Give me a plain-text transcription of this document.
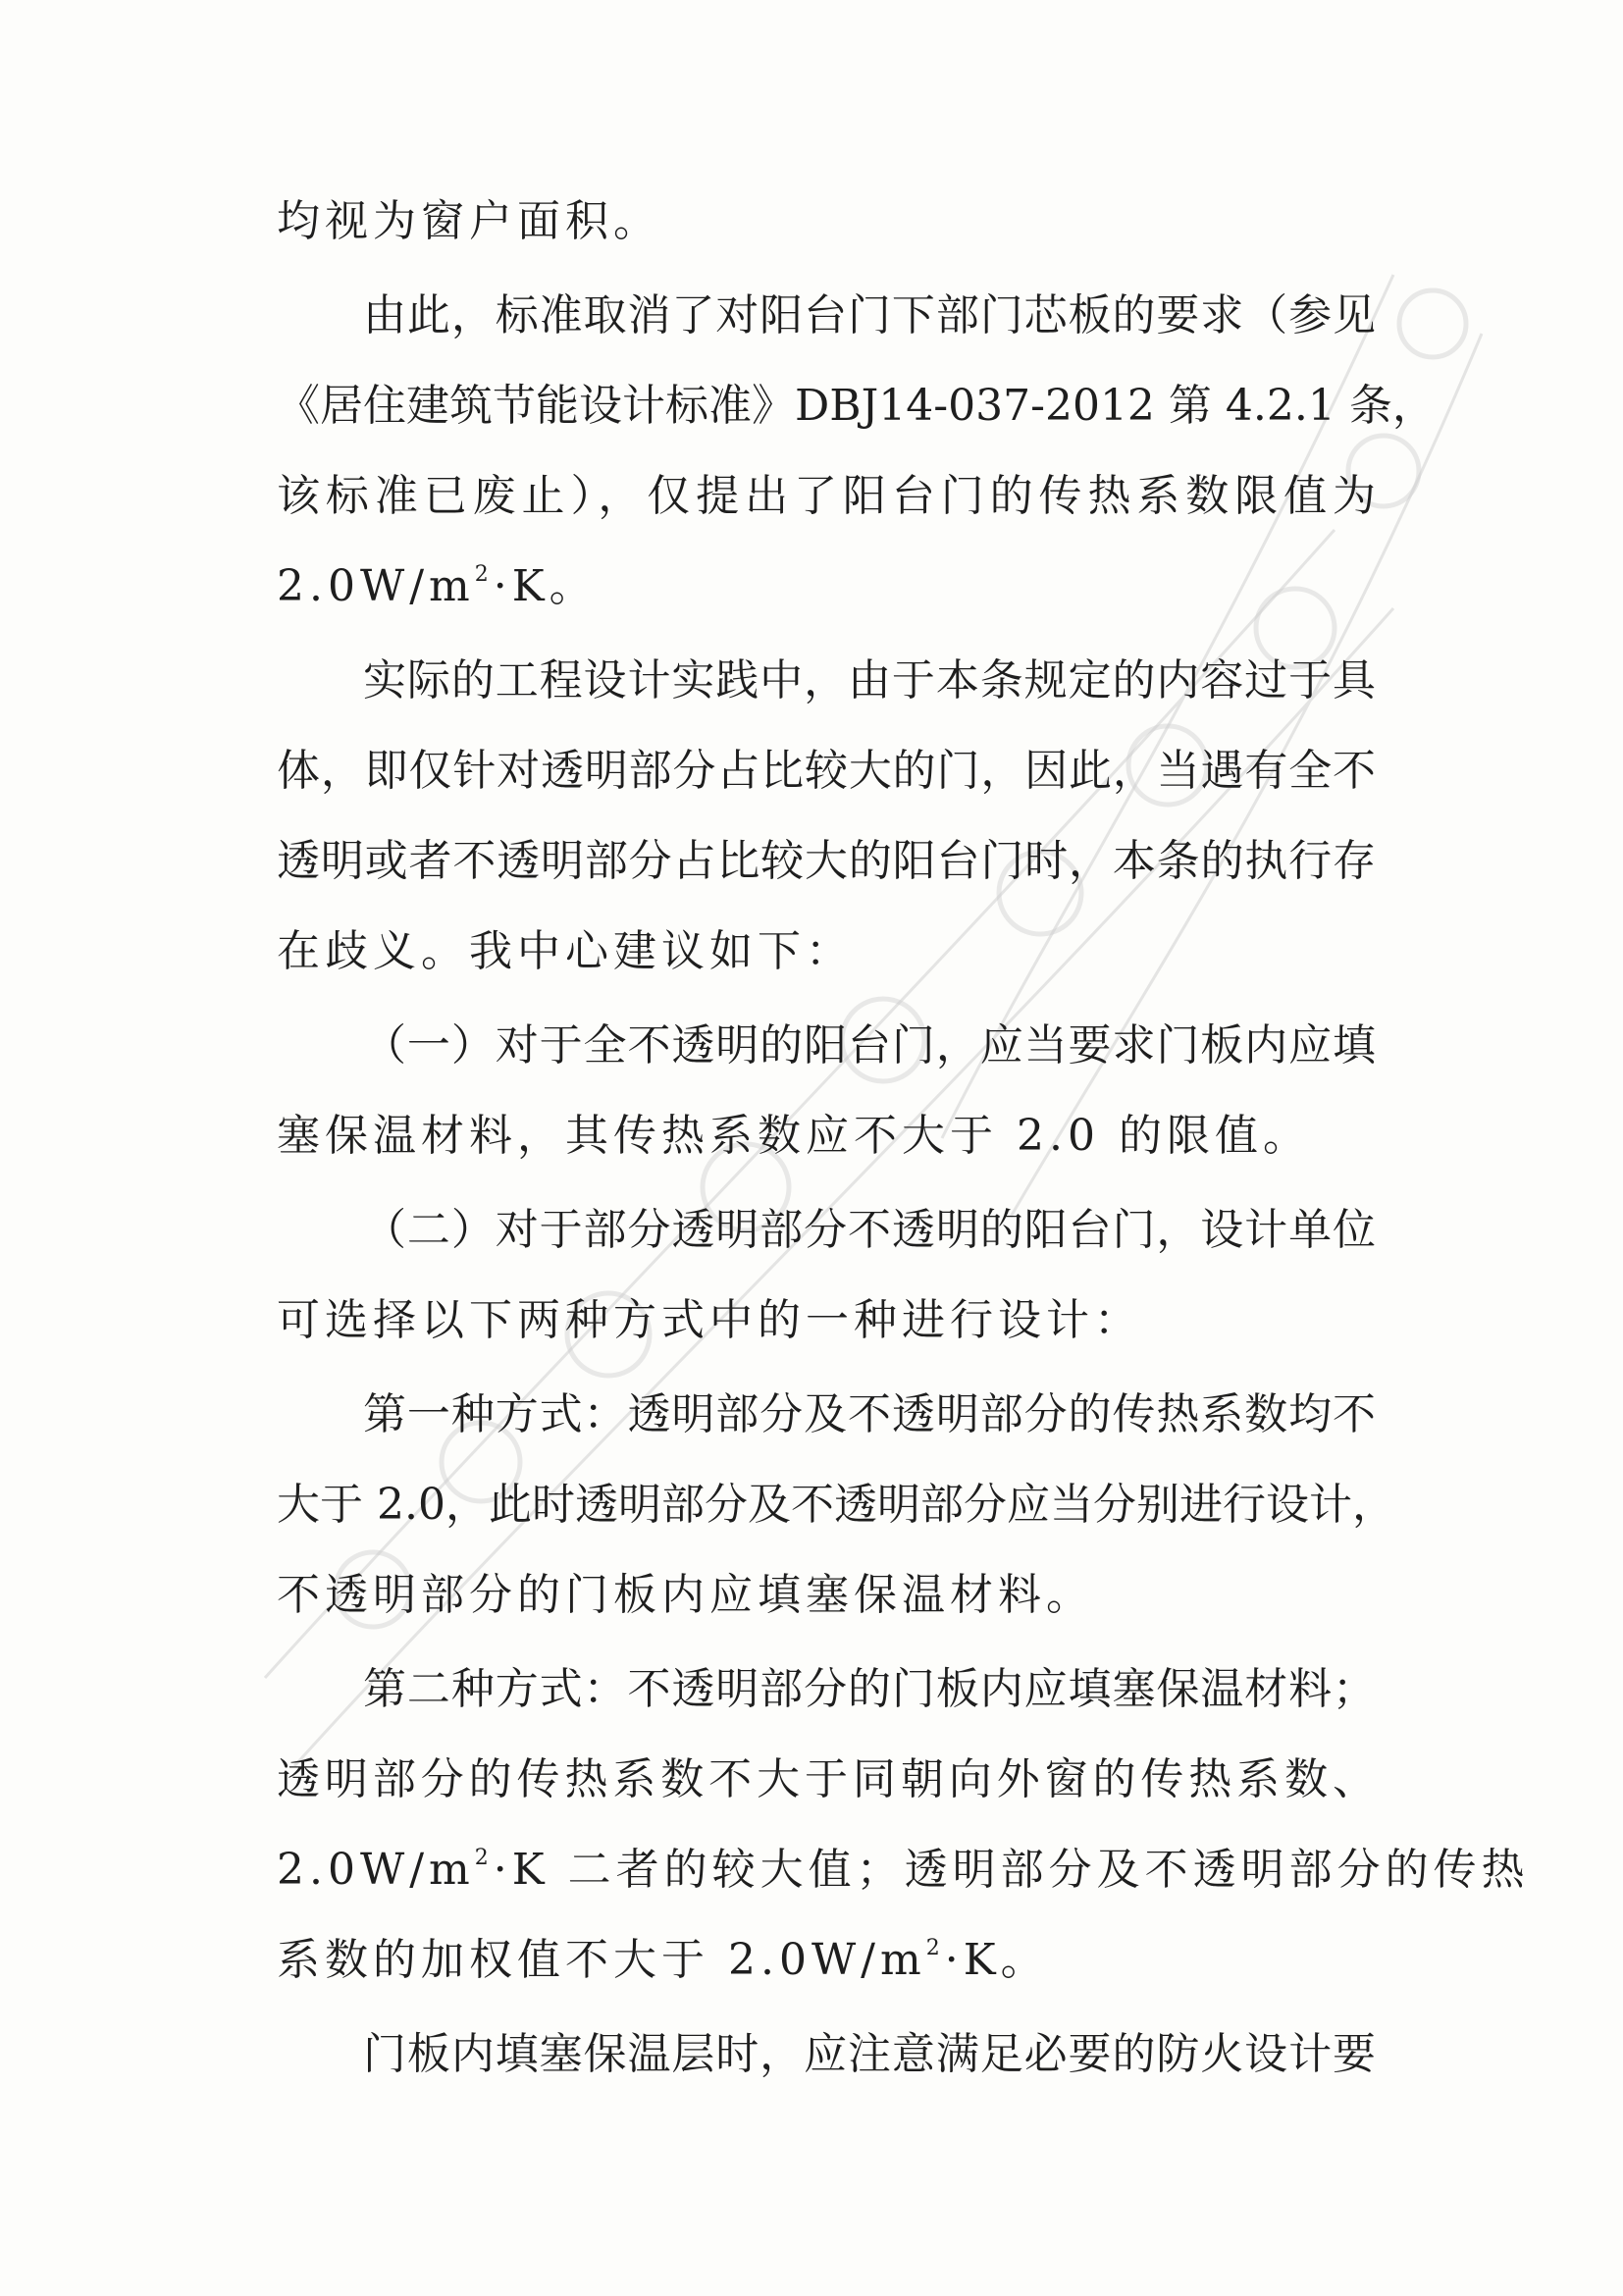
均视为窗户面积。
由此，标准取消了对阳台门下部门芯板的要求（参见
《居住建筑节能设计标准》DBJ14-037-2012 第 4.2.1 条，
该标准已废止），仅提出了阳台门的传热系数限值为
$2.0W/m^2\cdot K$。
实际的工程设计实践中，由于本条规定的内容过于具
体，即仅针对透明部分占比较大的门，因此，当遇有全不
透明或者不透明部分占比较大的阳台门时，本条的执行存
在歧义。我中心建议如下：
（一）对于全不透明的阳台门，应当要求门板内应填
塞保温材料，其传热系数应不大于 2.0 的限值。
（二）对于部分透明部分不透明的阳台门，设计单位
可选择以下两种方式中的一种进行设计：
第一种方式：透明部分及不透明部分的传热系数均不
大于 2.0，此时透明部分及不透明部分应当分别进行设计，
不透明部分的门板内应填塞保温材料。
第二种方式：不透明部分的门板内应填塞保温材料；
透明部分的传热系数不大于同朝向外窗的传热系数、
$2.0W/m^2\cdot K$ 二者的较大值；透明部分及不透明部分的传热
系数的加权值不大于 $2.0W/m^2\cdot K$。
门板内填塞保温层时，应注意满足必要的防火设计要
